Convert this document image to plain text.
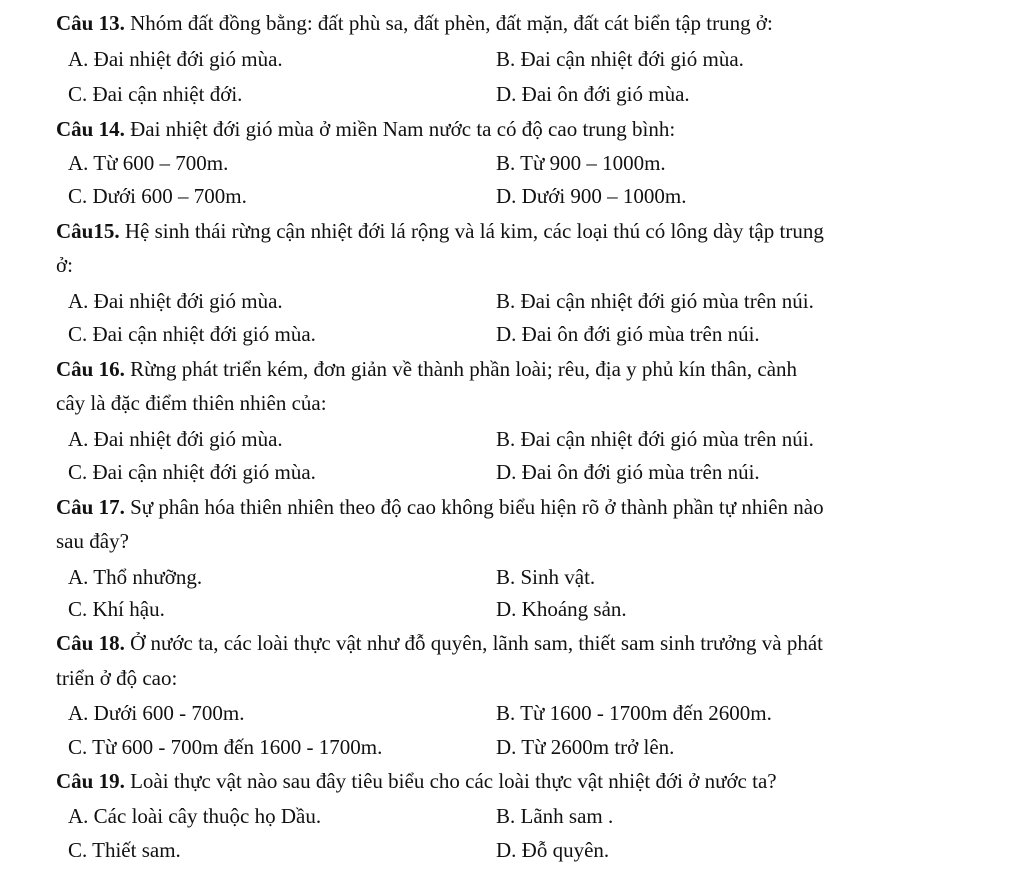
Câu 13. Nhóm đất đồng bằng: đất phù sa, đất phèn, đất mặn, đất cát biển tập trung ở:
A. Đai nhiệt đới gió mùa.	B. Đai cận nhiệt đới gió mùa.
C. Đai cận nhiệt đới.	D. Đai ôn đới gió mùa.
Câu 14. Đai nhiệt đới gió mùa ở miền Nam nước ta có độ cao trung bình:
A. Từ 600 – 700m.	B. Từ 900 – 1000m.
C. Dưới 600 – 700m.	D. Dưới 900 – 1000m.
Câu15. Hệ sinh thái rừng cận nhiệt đới lá rộng và lá kim, các loại thú có lông dày tập trung
ở:
A. Đai nhiệt đới gió mùa.	B. Đai cận nhiệt đới gió mùa trên núi.
C. Đai cận nhiệt đới gió mùa.	D. Đai ôn đới gió mùa trên núi.
Câu 16. Rừng phát triển kém, đơn giản về thành phần loài; rêu, địa y phủ kín thân, cành
cây là đặc điểm thiên nhiên của:
A. Đai nhiệt đới gió mùa.	B. Đai cận nhiệt đới gió mùa trên núi.
C. Đai cận nhiệt đới gió mùa.	D. Đai ôn đới gió mùa trên núi.
Câu 17. Sự phân hóa thiên nhiên theo độ cao không biểu hiện rõ ở thành phần tự nhiên nào
sau đây?
A. Thổ nhưỡng.	B. Sinh vật.
C. Khí hậu.	D. Khoáng sản.
Câu 18. Ở nước ta, các loài thực vật như đỗ quyên, lãnh sam, thiết sam sinh trưởng và phát
triển ở độ cao:
A. Dưới 600 - 700m.	B. Từ 1600 - 1700m đến 2600m.
C. Từ 600 - 700m đến 1600 - 1700m.	D. Từ 2600m trở lên.
Câu 19. Loài thực vật nào sau đây tiêu biểu cho các loài thực vật nhiệt đới ở nước ta?
A. Các loài cây thuộc họ Dầu.	B. Lãnh sam .
C. Thiết sam.	D. Đỗ quyên.
